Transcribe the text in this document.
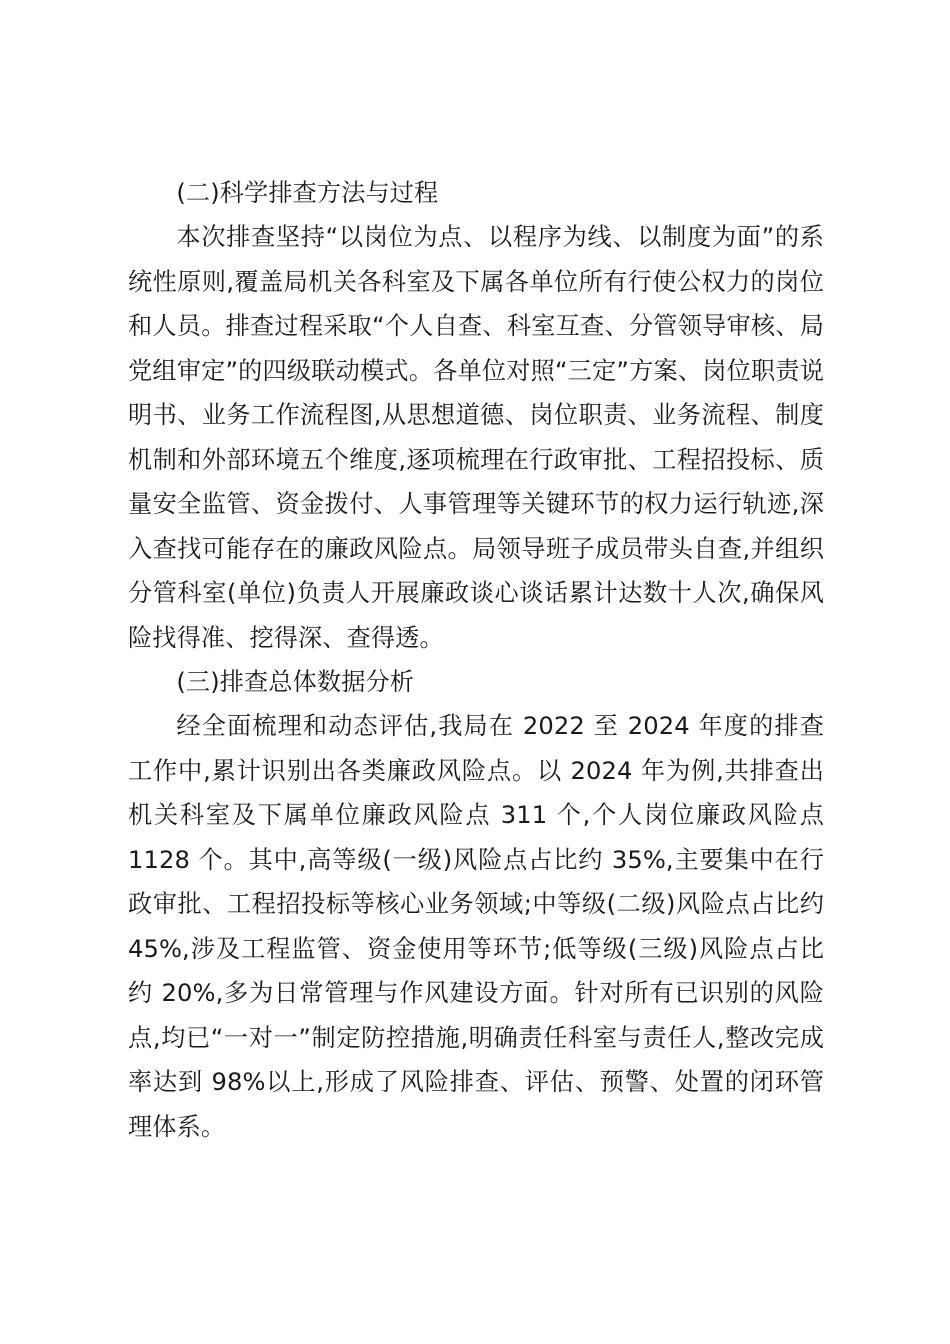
(二)科学排查方法与过程

本次排查坚持“以岗位为点、以程序为线、以制度为面”的系统性原则,覆盖局机关各科室及下属各单位所有行使公权力的岗位和人员。排查过程采取“个人自查、科室互查、分管领导审核、局党组审定”的四级联动模式。各单位对照“三定”方案、岗位职责说明书、业务工作流程图,从思想道德、岗位职责、业务流程、制度机制和外部环境五个维度,逐项梳理在行政审批、工程招投标、质量安全监管、资金拨付、人事管理等关键环节的权力运行轨迹,深入查找可能存在的廉政风险点。局领导班子成员带头自查,并组织分管科室(单位)负责人开展廉政谈心谈话累计达数十人次,确保风险找得准、挖得深、查得透。

(三)排查总体数据分析

经全面梳理和动态评估,我局在 2022 至 2024 年度的排查工作中,累计识别出各类廉政风险点。以 2024 年为例,共排查出机关科室及下属单位廉政风险点 311 个,个人岗位廉政风险点1128 个。其中,高等级(一级)风险点占比约 35%,主要集中在行政审批、工程招投标等核心业务领域;中等级(二级)风险点占比约 45%,涉及工程监管、资金使用等环节;低等级(三级)风险点占比约 20%,多为日常管理与作风建设方面。针对所有已识别的风险点,均已“一对一”制定防控措施,明确责任科室与责任人,整改完成率达到 98%以上,形成了风险排查、评估、预警、处置的闭环管理体系。
